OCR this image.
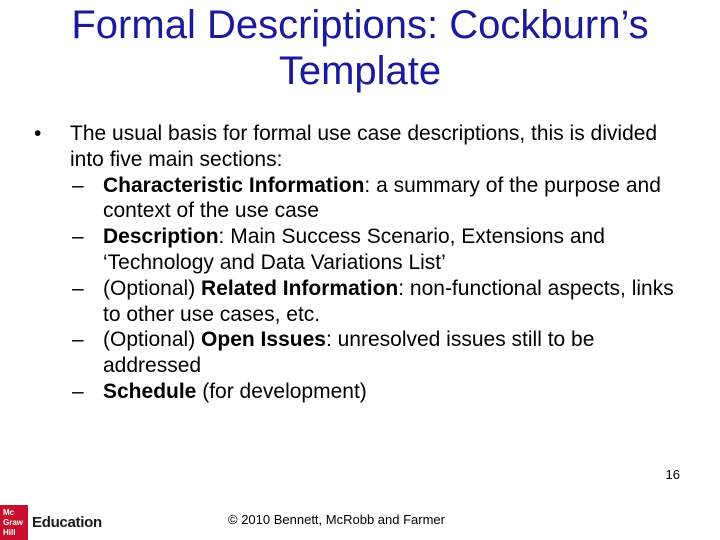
Formal Descriptions: Cockburn’s
Template
•	The usual basis for formal use case descriptions, this is divided into five main sections:
– Characteristic Information: a summary of the purpose and context of the use case
– Description: Main Success Scenario, Extensions and ‘Technology and Data Variations List’
– (Optional) Related Information: non-functional aspects, links to other use cases, etc.
– (Optional) Open Issues: unresolved issues still to be addressed
– Schedule (for development)
16
© 2010 Bennett, McRobb and Farmer
Mc
Graw
Hill
Education
